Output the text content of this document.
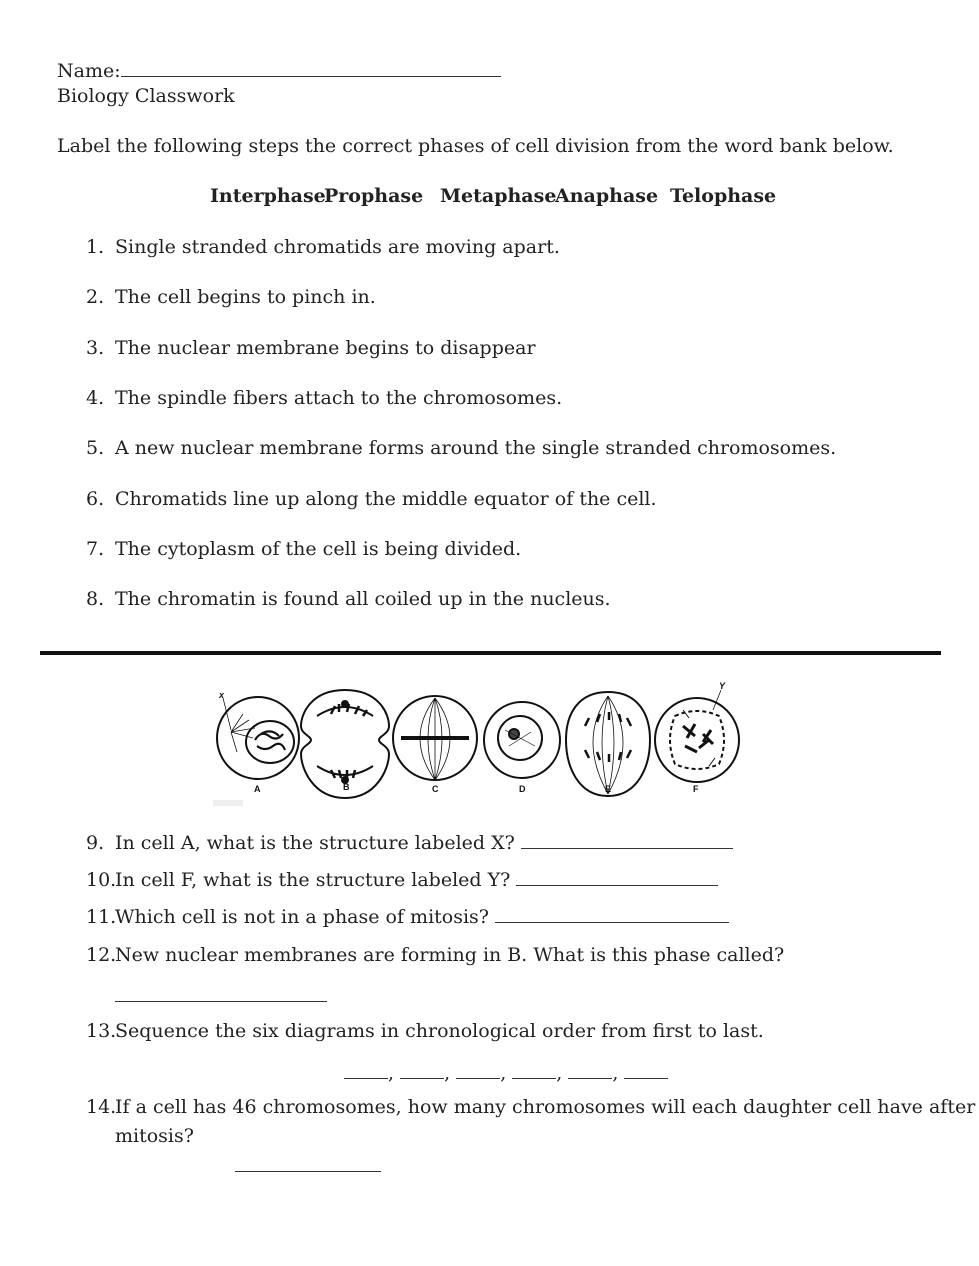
Name:
Biology Classwork
Label the following steps the correct phases of cell division from the word bank below.
Interphase
Prophase Metaphase
Anaphase Telophase
1. Single stranded chromatids are moving apart.
2. The cell begins to pinch in.
3. The nuclear membrane begins to disappear
4. The spindle fibers attach to the chromosomes.
5. A new nuclear membrane forms around the single stranded chromosomes.
6. Chromatids line up along the middle equator of the cell.
7. The cytoplasm of the cell is being divided.
8. The chromatin is found all coiled up in the nucleus.
x
Y
A	B	C	D	E	F
9. In cell A, what is the structure labeled X?
10.
In cell F, what is the structure labeled Y?
11.
Which cell is not in a phase of mitosis?
12.
New nuclear membranes are forming in B. What is this phase called?
13.
Sequence the six diagrams in chronological order from first to last.
, , , , ,
14.
If a cell has 46 chromosomes, how many chromosomes will each daughter cell have after
mitosis?
